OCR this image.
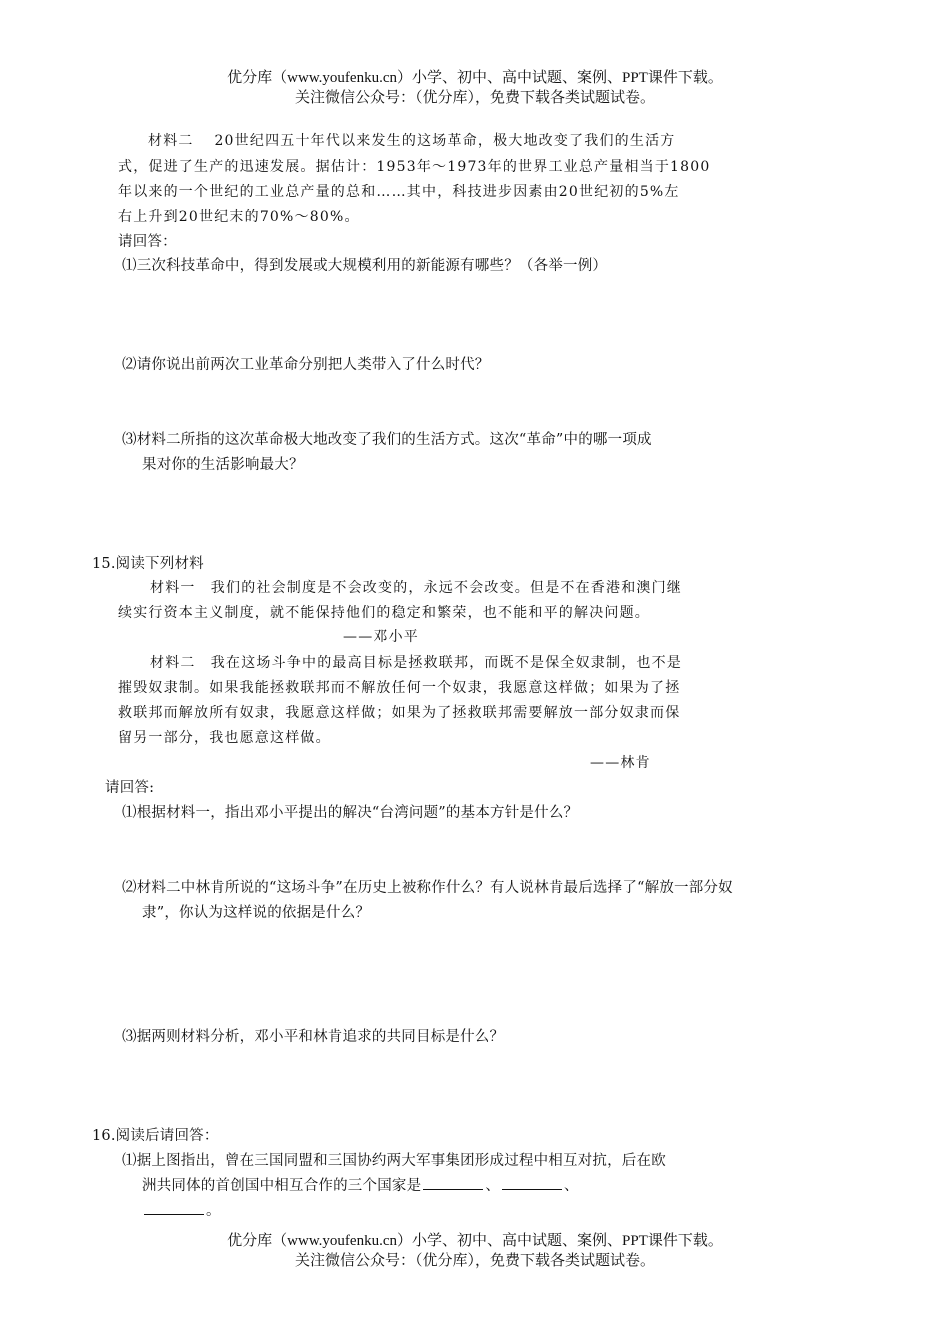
优分库（www.youfenku.cn）小学、初中、高中试题、案例、PPT课件下载。
关注微信公众号：（优分库），免费下载各类试题试卷。
材料二　 20世纪四五十年代以来发生的这场革命，极大地改变了我们的生活方
式，促进了生产的迅速发展。据估计：1953年～1973年的世界工业总产量相当于1800
年以来的一个世纪的工业总产量的总和……其中，科技进步因素由20世纪初的5%左
右上升到20世纪末的70%～80%。
请回答：
⑴三次科技革命中，得到发展或大规模利用的新能源有哪些？（各举一例）
⑵请你说出前两次工业革命分别把人类带入了什么时代？
⑶材料二所指的这次革命极大地改变了我们的生活方式。这次“革命”中的哪一项成
果对你的生活影响最大？
15.阅读下列材料
材料一　我们的社会制度是不会改变的，永远不会改变。但是不在香港和澳门继
续实行资本主义制度，就不能保持他们的稳定和繁荣，也不能和平的解决问题。
——邓小平
材料二　我在这场斗争中的最高目标是拯救联邦，而既不是保全奴隶制，也不是
摧毁奴隶制。如果我能拯救联邦而不解放任何一个奴隶，我愿意这样做；如果为了拯
救联邦而解放所有奴隶，我愿意这样做；如果为了拯救联邦需要解放一部分奴隶而保
留另一部分，我也愿意这样做。
——林肯
请回答:
⑴根据材料一，指出邓小平提出的解决“台湾问题”的基本方针是什么？
⑵材料二中林肯所说的“这场斗争”在历史上被称作什么？有人说林肯最后选择了“解放一部分奴
隶”，你认为这样说的依据是什么？
⑶据两则材料分析，邓小平和林肯追求的共同目标是什么？
16.阅读后请回答：
⑴据上图指出，曾在三国同盟和三国协约两大军事集团形成过程中相互对抗，后在欧
洲共同体的首创国中相互合作的三个国家是	、	、
。
优分库（www.youfenku.cn）小学、初中、高中试题、案例、PPT课件下载。
关注微信公众号：（优分库），免费下载各类试题试卷。
